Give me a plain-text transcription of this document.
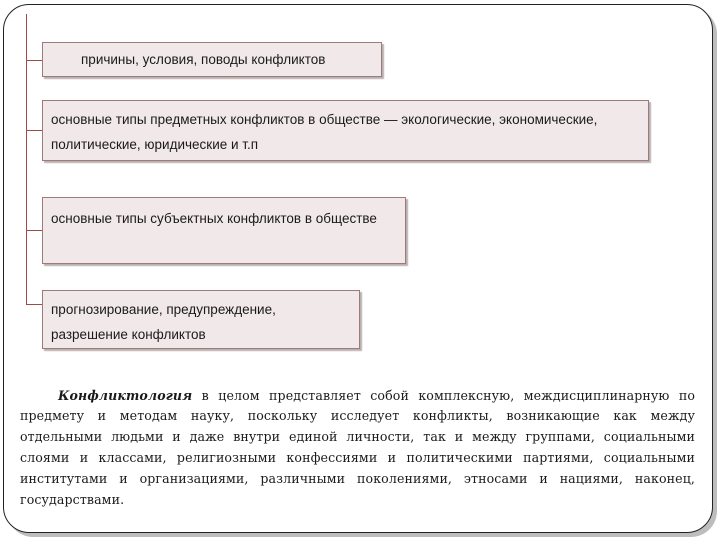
причины, условия, поводы конфликтов
основные типы предметных конфликтов в обществе — экологические, экономические, политические, юридические и т.п
основные типы субъектных конфликтов в обществе
прогнозирование, предупреждение, разрешение конфликтов

Конфликтология в целом представляет собой комплексную, междисциплинарную по предмету и методам науку, поскольку исследует конфликты, возникающие как между отдельными людьми и даже внутри единой личности, так и между группами, социальными слоями и классами, религиозными конфессиями и политическими партиями, социальными институтами и организациями, различными поколениями, этносами и нациями, наконец, государствами.
